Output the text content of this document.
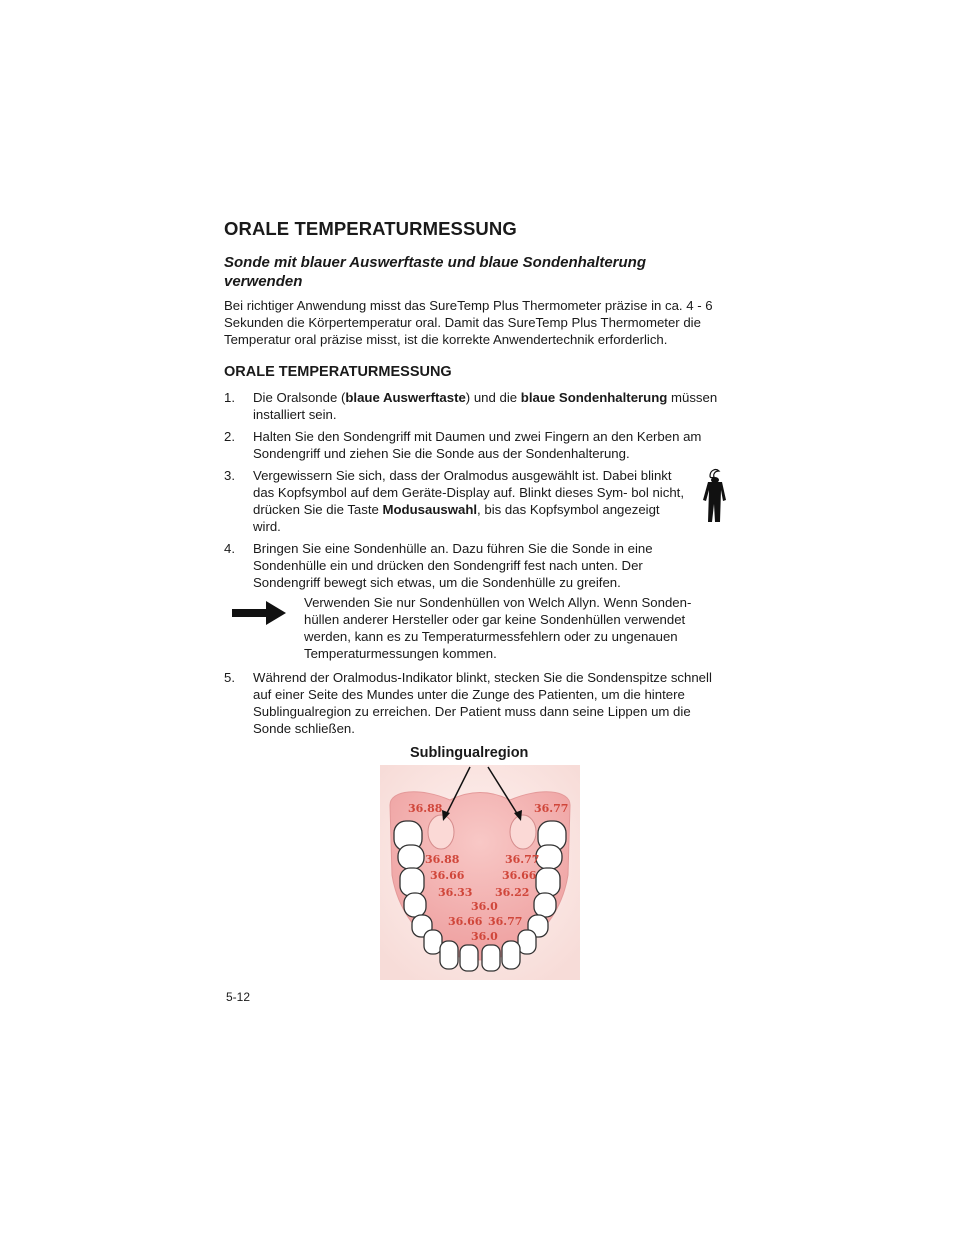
ORALE TEMPERATURMESSUNG
Sonde mit blauer Auswerftaste und blaue Sondenhalterung verwenden
Bei richtiger Anwendung misst das SureTemp Plus Thermometer präzise in ca. 4 - 6 Sekunden die Körpertemperatur oral. Damit das SureTemp Plus Thermometer die Temperatur oral präzise misst, ist die korrekte Anwendertechnik erforderlich.
ORALE TEMPERATURMESSUNG
1. Die Oralsonde (blaue Auswerftaste) und die blaue Sondenhalterung müssen installiert sein.
2. Halten Sie den Sondengriff mit Daumen und zwei Fingern an den Kerben am Sondengriff und ziehen Sie die Sonde aus der Sondenhalterung.
3. Vergewissern Sie sich, dass der Oralmodus ausgewählt ist. Dabei blinkt das Kopfsymbol auf dem Geräte-Display auf. Blinkt dieses Sym- bol nicht, drücken Sie die Taste Modusauswahl, bis das Kopfsymbol angezeigt wird.
4. Bringen Sie eine Sondenhülle an. Dazu führen Sie die Sonde in eine Sondenhülle ein und drücken den Sondengriff fest nach unten. Der Sondengriff bewegt sich etwas, um die Sondenhülle zu greifen.
Verwenden Sie nur Sondenhüllen von Welch Allyn. Wenn Sonden- hüllen anderer Hersteller oder gar keine Sondenhüllen verwendet werden, kann es zu Temperaturmessfehlern oder zu ungenauen Temperaturmessungen kommen.
5. Während der Oralmodus-Indikator blinkt, stecken Sie die Sondenspitze schnell auf einer Seite des Mundes unter die Zunge des Patienten, um die hintere Sublingualregion zu erreichen. Der Patient muss dann seine Lippen um die Sonde schließen.
Sublingualregion
36.88	36.77
36.88	36.77
36.66	36.66
36.33 36.22
36.0
36.66 36.77
36.0
5-12
